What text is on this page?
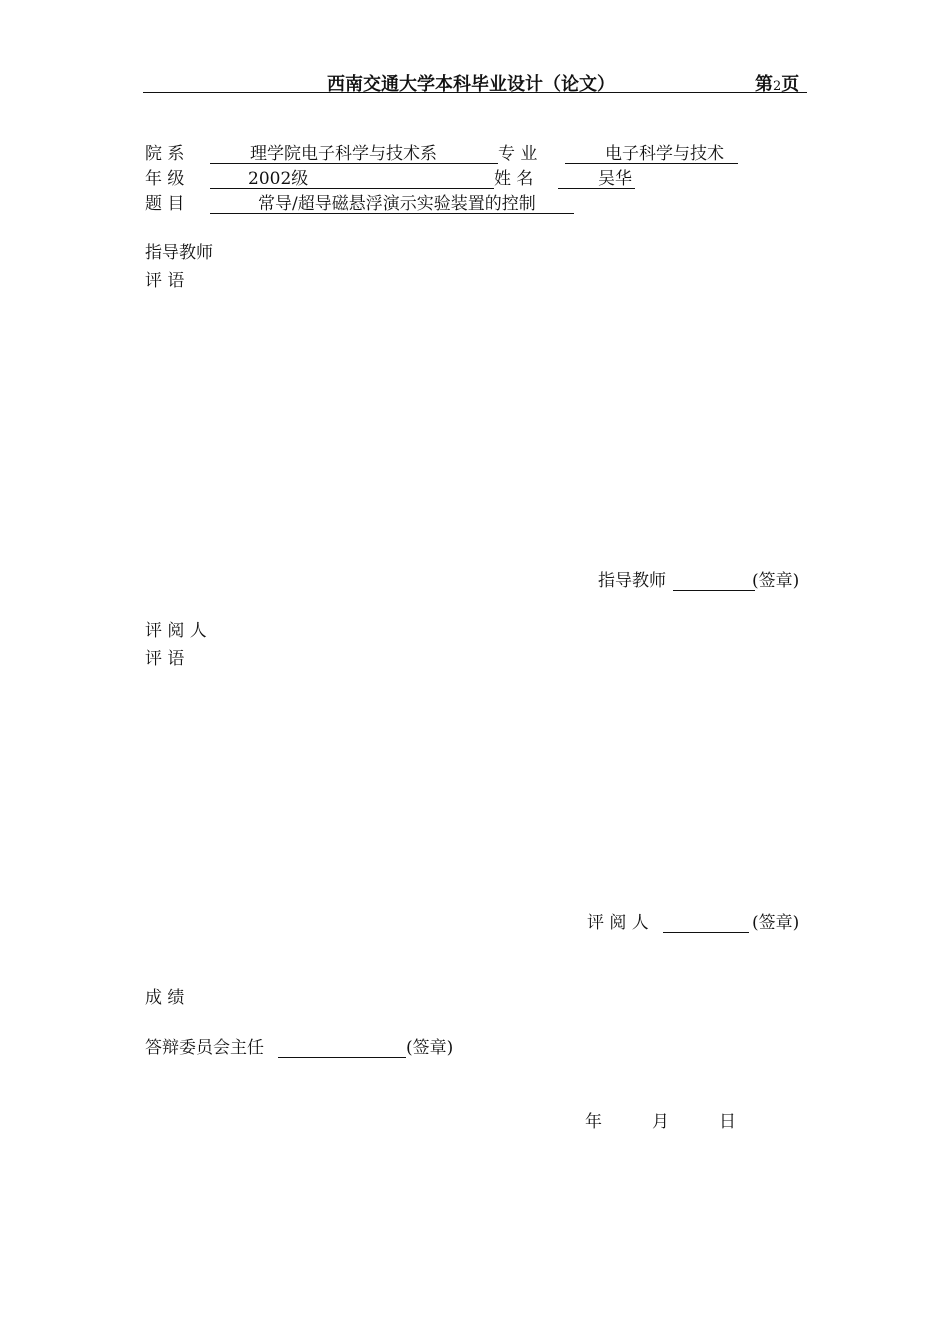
西南交通大学本科毕业设计（论文）	第2页
院 系	理学院电子科学与技术系	专 业	电子科学与技术
年 级	2002级	姓 名	吴华
题 目	常导/超导磁悬浮演示实验装置的控制
指导教师
评 语
指导教师	(签章)
评 阅 人
评 语
评 阅 人	(签章)
成 绩
答辩委员会主任	(签章)
年	月	日
